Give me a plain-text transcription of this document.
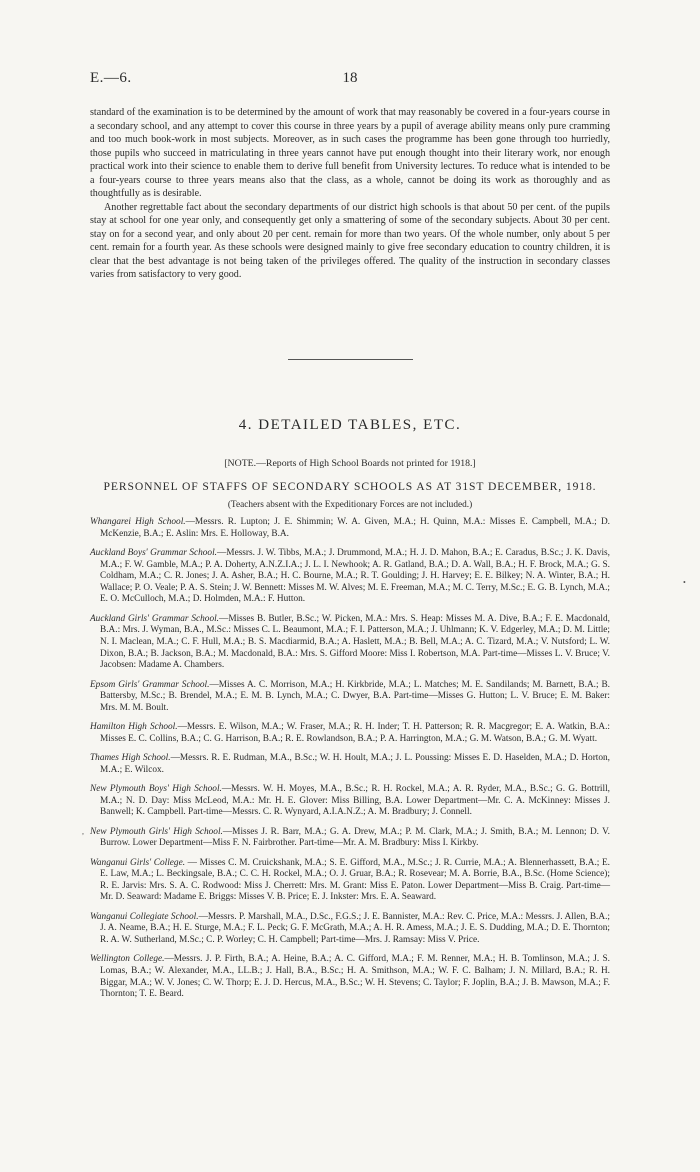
E.—6.	18

standard of the examination is to be determined by the amount of work that may reasonably be covered in a four-years course in a secondary school, and any attempt to cover this course in three years by a pupil of average ability means only pure cramming and too much book-work in most subjects. Moreover, as in such cases the programme has been gone through too hurriedly, those pupils who succeed in matriculating in three years cannot have put enough thought into their literary work, nor enough practical work into their science to enable them to derive full benefit from University lectures. To reduce what is intended to be a four-years course to three years means also that the class, as a whole, cannot be doing its work as thoroughly and as thoughtfully as is desirable.

Another regrettable fact about the secondary departments of our district high schools is that about 50 per cent. of the pupils stay at school for one year only, and consequently get only a smattering of some of the secondary subjects. About 30 per cent. stay on for a second year, and only about 20 per cent. remain for more than two years. Of the whole number, only about 5 per cent. remain for a fourth year. As these schools were designed mainly to give free secondary education to country children, it is clear that the best advantage is not being taken of the privileges offered. The quality of the instruction in secondary classes varies from satisfactory to very good.

4. DETAILED TABLES, ETC.
[NOTE.—Reports of High School Boards not printed for 1918.]
PERSONNEL OF STAFFS OF SECONDARY SCHOOLS AS AT 31ST DECEMBER, 1918.
(Teachers absent with the Expeditionary Forces are not included.)

Whangarei High School.—Messrs. R. Lupton; J. E. Shimmin; W. A. Given, M.A.; H. Quinn, M.A.: Misses E. Campbell, M.A.; D. McKenzie, B.A.; E. Aslin: Mrs. E. Holloway, B.A.

Auckland Boys' Grammar School.—Messrs. J. W. Tibbs, M.A.; J. Drummond, M.A.; H. J. D. Mahon, B.A.; E. Caradus, B.Sc.; J. K. Davis, M.A.; F. W. Gamble, M.A.; P. A. Doherty, A.N.Z.I.A.; J. L. I. Newhook; A. R. Gatland, B.A.; D. A. Wall, B.A.; H. F. Brock, M.A.; G. S. Coldham, M.A.; C. R. Jones; J. A. Asher, B.A.; H. C. Bourne, M.A.; R. T. Goulding; J. H. Harvey; E. E. Bilkey; N. A. Winter, B.A.; H. Wallace; P. O. Veale; P. A. S. Stein; J. W. Bennett: Misses M. W. Alves; M. E. Freeman, M.A.; M. C. Terry, M.Sc.; E. G. B. Lynch, M.A.; E. O. McCulloch, M.A.; D. Holmden, M.A.: F. Hutton.

Auckland Girls' Grammar School.—Misses B. Butler, B.Sc.; W. Picken, M.A.: Mrs. S. Heap: Misses M. A. Dive, B.A.; F. E. Macdonald, B.A.: Mrs. J. Wyman, B.A., M.Sc.: Misses C. L. Beaumont, M.A.; F. I. Patterson, M.A.; J. Uhlmann; K. V. Edgerley, M.A.; D. M. Little; N. I. Maclean, M.A.; C. F. Hull, M.A.; B. S. Macdiarmid, B.A.; A. Haslett, M.A.; B. Bell, M.A.; A. C. Tizard, M.A.; V. Nutsford; L. W. Dixon, B.A.; B. Jackson, B.A.; M. Macdonald, B.A.: Mrs. S. Gifford Moore: Miss I. Robertson, M.A. Part-time—Misses L. V. Bruce; V. Jacobsen: Madame A. Chambers.

Epsom Girls' Grammar School.—Misses A. C. Morrison, M.A.; H. Kirkbride, M.A.; L. Matches; M. E. Sandilands; M. Barnett, B.A.; B. Battersby, M.Sc.; B. Brendel, M.A.; E. M. B. Lynch, M.A.; C. Dwyer, B.A. Part-time—Misses G. Hutton; L. V. Bruce; E. M. Baker: Mrs. M. M. Boult.

Hamilton High School.—Messrs. E. Wilson, M.A.; W. Fraser, M.A.; R. H. Inder; T. H. Patterson; R. R. Macgregor; E. A. Watkin, B.A.: Misses E. C. Collins, B.A.; C. G. Harrison, B.A.; R. E. Rowlandson, B.A.; P. A. Harrington, M.A.; G. M. Watson, B.A.; G. M. Wyatt.

Thames High School.—Messrs. R. E. Rudman, M.A., B.Sc.; W. H. Hoult, M.A.; J. L. Poussing: Misses E. D. Haselden, M.A.; D. Horton, M.A.; E. Wilcox.

New Plymouth Boys' High School.—Messrs. W. H. Moyes, M.A., B.Sc.; R. H. Rockel, M.A.; A. R. Ryder, M.A., B.Sc.; G. G. Bottrill, M.A.; N. D. Day: Miss McLeod, M.A.: Mr. H. E. Glover: Miss Billing, B.A. Lower Department—Mr. C. A. McKinney: Misses J. Banwell; K. Campbell. Part-time—Messrs. C. R. Wynyard, A.I.A.N.Z.; A. M. Bradbury; J. Connell.

New Plymouth Girls' High School.—Misses J. R. Barr, M.A.; G. A. Drew, M.A.; P. M. Clark, M.A.; J. Smith, B.A.; M. Lennon; D. V. Burrow. Lower Department—Miss F. N. Fairbrother. Part-time—Mr. A. M. Bradbury: Miss I. Kirkby.

Wanganui Girls' College. — Misses C. M. Cruickshank, M.A.; S. E. Gifford, M.A., M.Sc.; J. R. Currie, M.A.; A. Blennerhassett, B.A.; E. E. Law, M.A.; L. Beckingsale, B.A.; C. C. H. Rockel, M.A.; O. J. Gruar, B.A.; R. Rosevear; M. A. Borrie, B.A., B.Sc. (Home Science); R. E. Jarvis: Mrs. S. A. C. Rodwood: Miss J. Cherrett: Mrs. M. Grant: Miss E. Paton. Lower Department—Miss B. Craig. Part-time—Mr. D. Seaward: Madame E. Briggs: Misses V. B. Price; E. J. Inkster: Mrs. E. A. Seaward.

Wanganui Collegiate School.—Messrs. P. Marshall, M.A., D.Sc., F.G.S.; J. E. Bannister, M.A.: Rev. C. Price, M.A.: Messrs. J. Allen, B.A.; J. A. Neame, B.A.; H. E. Sturge, M.A.; F. L. Peck; G. F. McGrath, M.A.; A. H. R. Amess, M.A.; J. E. S. Dudding, M.A.; D. E. Thornton; R. A. W. Sutherland, M.Sc.; C. P. Worley; C. H. Campbell; Part-time—Mrs. J. Ramsay: Miss V. Price.

Wellington College.—Messrs. J. P. Firth, B.A.; A. Heine, B.A.; A. C. Gifford, M.A.; F. M. Renner, M.A.; H. B. Tomlinson, M.A.; J. S. Lomas, B.A.; W. Alexander, M.A., LL.B.; J. Hall, B.A., B.Sc.; H. A. Smithson, M.A.; W. F. C. Balham; J. N. Millard, B.A.; R. H. Biggar, M.A.; W. V. Jones; C. W. Thorp; E. J. D. Hercus, M.A., B.Sc.; W. H. Stevens; C. Taylor; F. Joplin, B.A.; J. B. Mawson, M.A.; F. Thornton; T. E. Beard.

•
,
